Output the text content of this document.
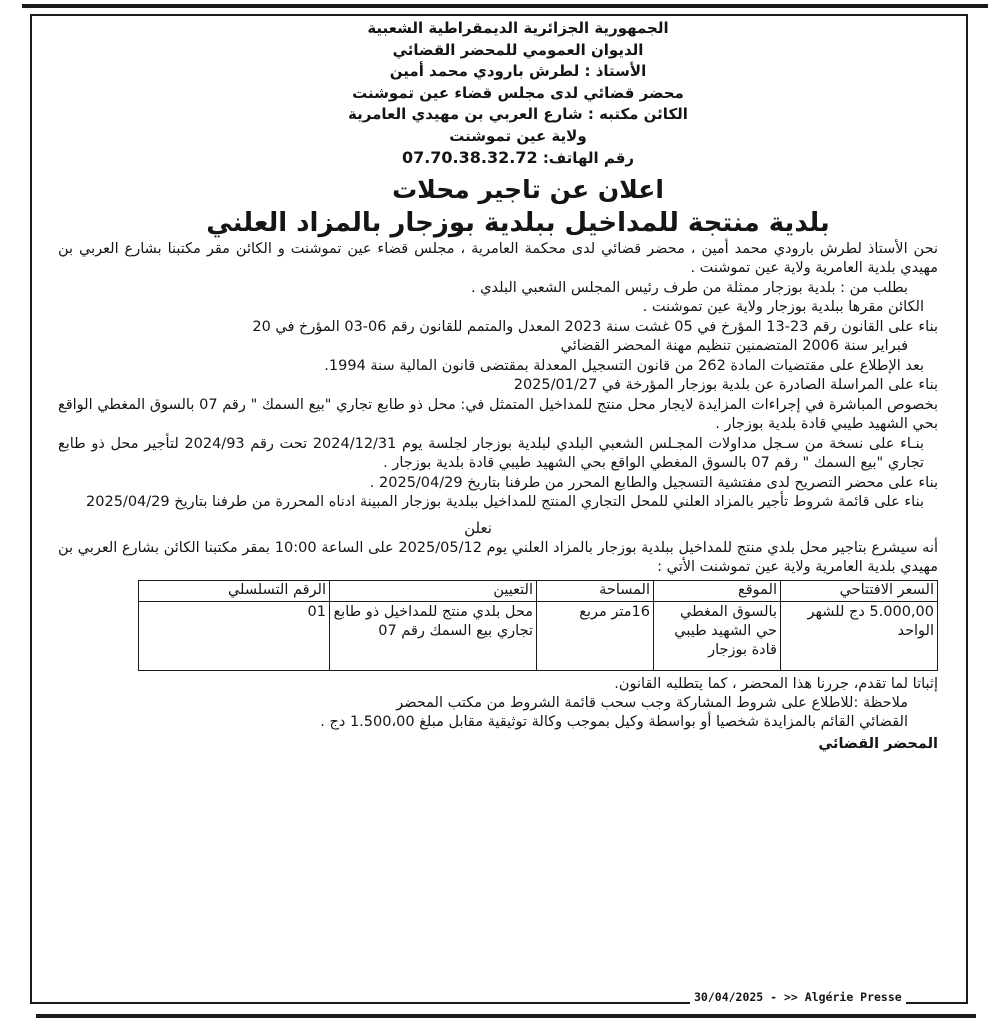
الجمهورية الجزائرية الديمقراطية الشعبية
الديوان العمومي للمحضر القضائي
الأستاذ : لطرش بارودي محمد أمين
محضر قضائي لدى مجلس قضاء عين تموشنت
الكائن مكتبه : شارع العربي بن مهيدي العامرية
ولاية عين تموشنت
رقم الهاتف: 07.70.38.32.72
اعلان عن تاجير محلات
بلدية منتجة للمداخيل ببلدية بوزجار بالمزاد العلني
نحن الأستاذ لطرش بارودي محمد أمين ، محضر قضائي لدى محكمة العامرية ، مجلس قضاء عين تموشنت و الكائن مقر مكتبنا بشارع العربي بن مهيدي بلدية العامرية ولاية عين تموشنت .
بطلب من : بلدية بوزجار ممثلة من طرف رئيس المجلس الشعبي البلدي .
الكائن مقرها ببلدية بوزجار ولاية عين تموشنت .
بناء على القانون رقم 23-13 المؤرخ في 05 غشت سنة 2023 المعدل والمتمم للقانون رقم 06-03 المؤرخ في 20
فبراير سنة 2006 المتضمنين تنظيم مهنة المحضر القضائي
بعد الإطلاع على مقتضيات المادة 262 من قانون التسجيل المعدلة بمقتضى قانون المالية سنة 1994.
بناء على المراسلة الصادرة عن بلدية بوزجار المؤرخة في 2025/01/27
بخصوص المباشرة في إجراءات المزايدة لايجار محل منتج للمداخيل المتمثل في: محل ذو طابع تجاري "بيع السمك " رقم 07 بالسوق المغطي الواقع بحي الشهيد طيبي قادة بلدية بوزجار .
بنـاء على نسخة من سـجل مداولات المجـلس الشعبي البلدي لبلدية بوزجار لجلسة يوم 2024/12/31 تحت رقم 2024/93 لتأجير محل ذو طابع تجاري "بيع السمك " رقم 07 بالسوق المغطي الواقع بحي الشهيد طيبي قادة بلدية بوزجار .
بناء على محضر التصريح لدى مفتشية التسجيل والطابع المحرر من طرفنا بتاريخ 2025/04/29 .
بناء على قائمة شروط تأجير بالمزاد العلني للمحل التجاري المنتج للمداخيل ببلدية بوزجار المبينة ادناه المحررة من طرفنا بتاريخ 2025/04/29
نعلن
أنه سيشرع بتاجير محل بلدي منتج للمداخيل ببلدية بوزجار بالمزاد العلني يوم 2025/05/12 على الساعة 10:00 بمقر مكتبنا الكائن بشارع العربي بن مهيدي بلدية العامرية ولاية عين تموشنت الأتي :
السعر الافتتاحي	الموقع	المساحة	التعيين	الرقم التسلسلي
5.000,00 دج للشهر الواحد	بالسوق المغطي حي الشهيد طيبي قادة بوزجار	16متر مربع	محل بلدي منتج للمداخيل ذو طابع تجاري بيع السمك رقم 07	01
إثباتا لما تقدم، جررنا هذا المحضر ، كما يتطلبه القانون.
ملاحظة :للاطلاع على شروط المشاركة وجب سحب قائمة الشروط من مكتب المحضر
القضائي القائم بالمزايدة شخصيا أو بواسطة وكيل بموجب وكالة توثيقية مقابل مبلغ 1.500،00 دج .
المحضر القضائي
30/04/2025 - >> Algérie Presse
